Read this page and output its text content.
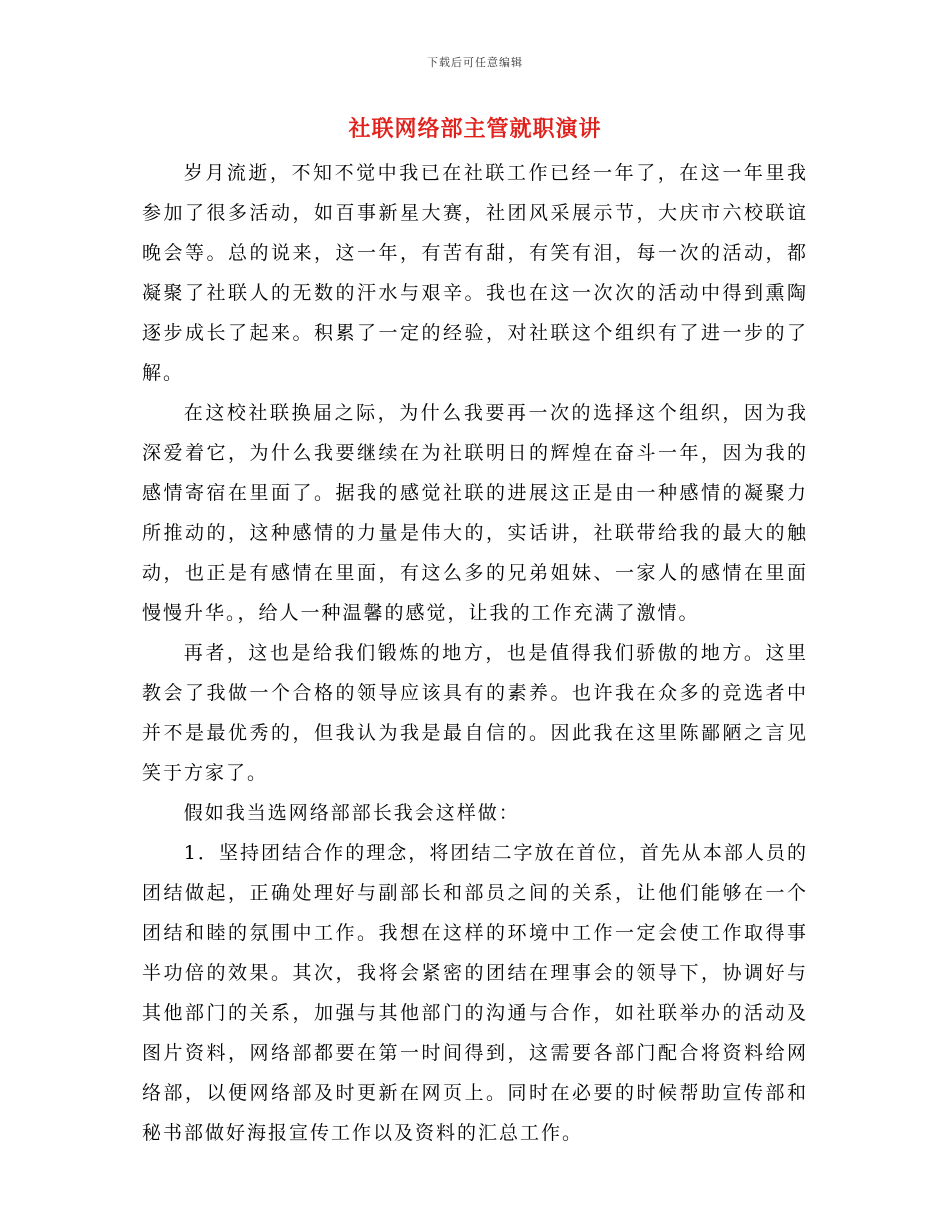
下载后可任意编辑
社联网络部主管就职演讲

岁月流逝，不知不觉中我已在社联工作已经一年了，在这一年里我参加了很多活动，如百事新星大赛，社团风采展示节，大庆市六校联谊晚会等。总的说来，这一年，有苦有甜，有笑有泪，每一次的活动，都凝聚了社联人的无数的汗水与艰辛。我也在这一次次的活动中得到熏陶逐步成长了起来。积累了一定的经验，对社联这个组织有了进一步的了解。

在这校社联换届之际，为什么我要再一次的选择这个组织，因为我深爱着它，为什么我要继续在为社联明日的辉煌在奋斗一年，因为我的感情寄宿在里面了。据我的感觉社联的进展这正是由一种感情的凝聚力所推动的，这种感情的力量是伟大的，实话讲，社联带给我的最大的触动，也正是有感情在里面，有这么多的兄弟姐妹、一家人的感情在里面慢慢升华。，给人一种温馨的感觉，让我的工作充满了激情。

再者，这也是给我们锻炼的地方，也是值得我们骄傲的地方。这里教会了我做一个合格的领导应该具有的素养。也许我在众多的竞选者中并不是最优秀的，但我认为我是最自信的。因此我在这里陈鄙陋之言见笑于方家了。

假如我当选网络部部长我会这样做：

1．坚持团结合作的理念，将团结二字放在首位，首先从本部人员的团结做起，正确处理好与副部长和部员之间的关系，让他们能够在一个团结和睦的氛围中工作。我想在这样的环境中工作一定会使工作取得事半功倍的效果。其次，我将会紧密的团结在理事会的领导下，协调好与其他部门的关系，加强与其他部门的沟通与合作，如社联举办的活动及图片资料，网络部都要在第一时间得到，这需要各部门配合将资料给网络部，以便网络部及时更新在网页上。同时在必要的时候帮助宣传部和秘书部做好海报宣传工作以及资料的汇总工作。
